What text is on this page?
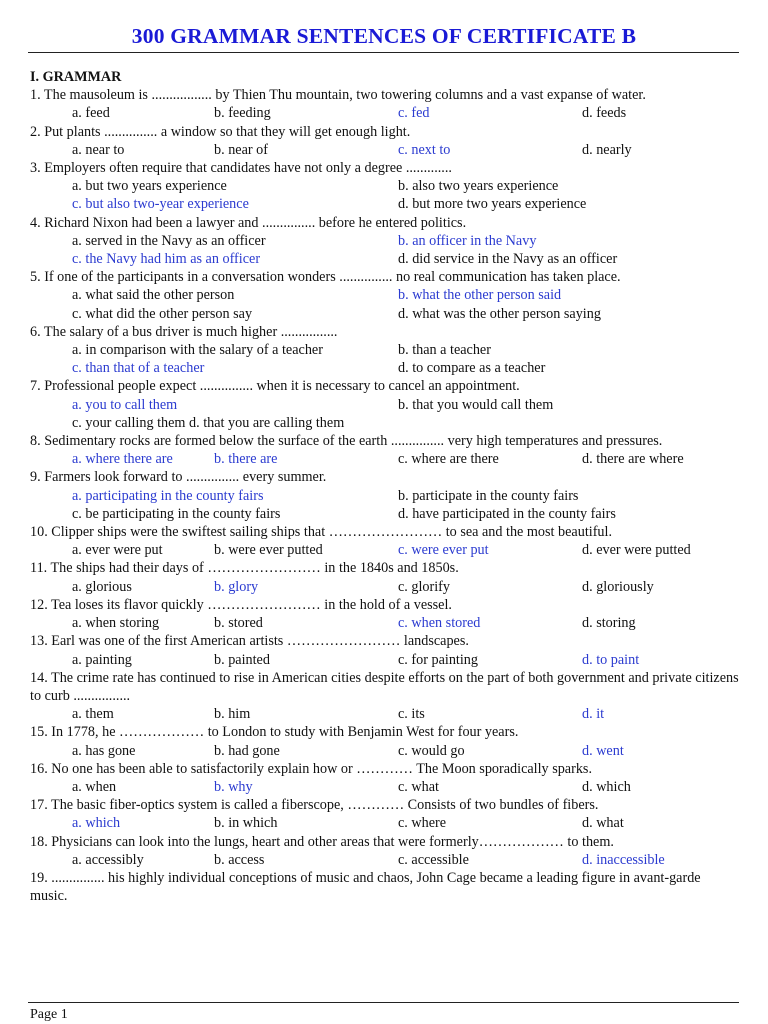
300 GRAMMAR SENTENCES OF CERTIFICATE B
I. GRAMMAR
1. The mausoleum is ................. by Thien Thu mountain, two towering columns and a vast expanse of water.
a. feed	b. feeding	c. fed	d. feeds
2. Put plants ............... a window so that they will get enough light.
a. near to	b. near of	c. next to	d. nearly
3. Employers often require that candidates have not only a degree .............
a. but two years experience	b. also two years experience
c. but also two-year experience	d. but more two years experience
4. Richard Nixon had been a lawyer and ............... before he entered politics.
a. served in the Navy as an officer	b. an officer in the Navy
c. the Navy had him as an officer	d. did service in the Navy as an officer
5. If one of the participants in a conversation wonders ............... no real communication has taken place.
a. what said the other person	b. what the other person said
c. what did the other person say	d. what was the other person saying
6. The salary of a bus driver is much higher ................
a. in comparison with the salary of a teacher	b. than a teacher
c. than that of a teacher	d. to compare as a teacher
7. Professional people expect ............... when it is necessary to cancel an appointment.
a. you to call them	b. that you would call them
c. your calling them d. that you are calling them
8. Sedimentary rocks are formed below the surface of the earth ............... very high temperatures and pressures.
a. where there are	b. there are	c. where are there	d. there are where
9. Farmers look forward to ............... every summer.
a. participating in the county fairs	b. participate in the county fairs
c. be participating in the county fairs	d. have participated in the county fairs
10. Clipper ships were the swiftest sailing ships that …………………… to sea and the most beautiful.
a. ever were put	b. were ever putted	c. were ever put	d. ever were putted
11. The ships had their days of …………………… in the 1840s and 1850s.
a. glorious	b. glory	c. glorify	d. gloriously
12. Tea loses its flavor quickly …………………… in the hold of a vessel.
a. when storing	b. stored	c. when stored	d. storing
13. Earl was one of the first American artists …………………… landscapes.
a. painting	b. painted	c. for painting	d. to paint
14. The crime rate has continued to rise in American cities despite efforts on the part of both government and private citizens to curb ................
a. them	b. him	c. its	d. it
15. In 1778, he ……………… to London to study with Benjamin West for four years.
a. has gone	b. had gone	c. would go	d. went
16. No one has been able to satisfactorily explain how or ………… The Moon sporadically sparks.
a. when	b. why	c. what	d. which
17. The basic fiber-optics system is called a fiberscope, ………… Consists of two bundles of fibers.
a. which	b. in which	c. where	d. what
18. Physicians can look into the lungs, heart and other areas that were formerly……………… to them.
a. accessibly	b. access	c. accessible	d. inaccessible
19. ............... his highly individual conceptions of music and chaos, John Cage became a leading figure in avant-garde music.
Page 1
